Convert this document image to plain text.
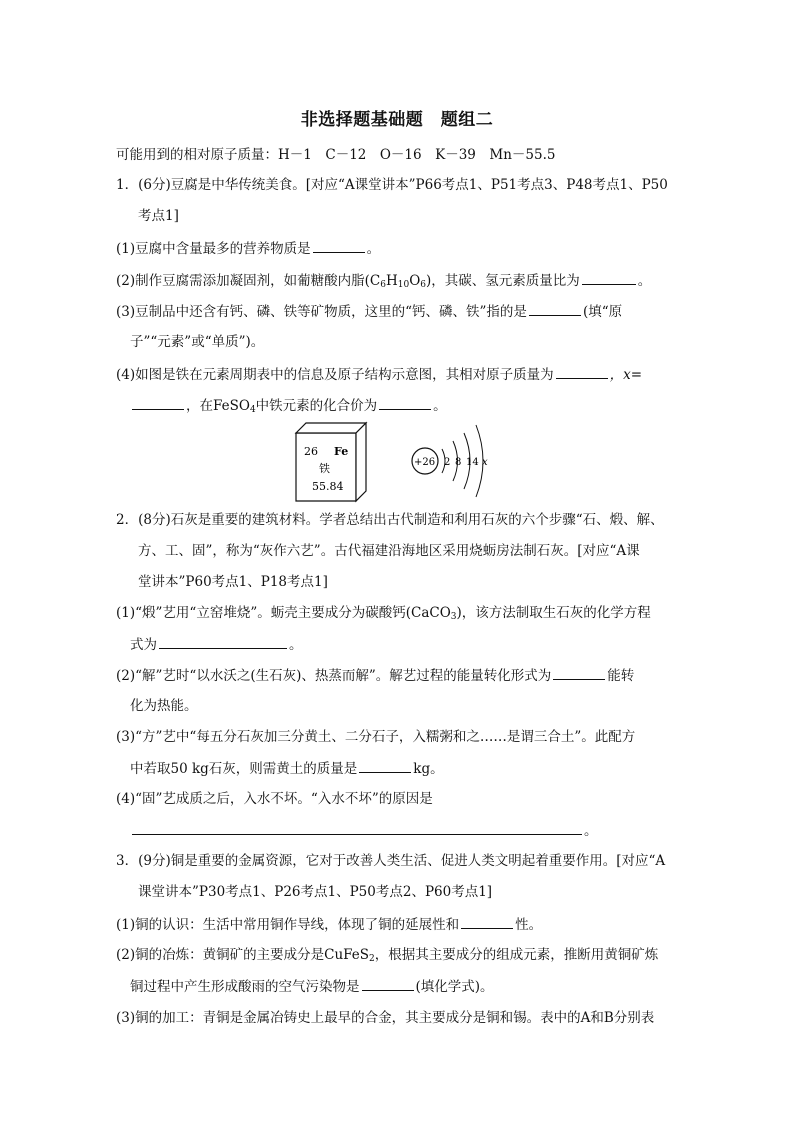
非选择题基础题　题组二
可能用到的相对原子质量：H－1　C－12　O－16　K－39　Mn－55.5
1．(6分)豆腐是中华传统美食。[对应“A课堂讲本”P66考点1、P51考点3、P48考点1、P50
考点1]
(1)豆腐中含量最多的营养物质是	。
(2)制作豆腐需添加凝固剂，如葡糖酸内脂$(C_6H_{10}O_6)$，其碳、氢元素质量比为	。
(3)豆制品中还含有钙、磷、铁等矿物质，这里的“钙、磷、铁”指的是	(填“原
子”“元素”或“单质”)。
(4)如图是铁在元素周期表中的信息及原子结构示意图，其相对原子质量为	，x=
，在FeSO$_4$中铁元素的化合价为	。
26 Fe
铁
55.84
+26 2 8 14 x
2．(8分)石灰是重要的建筑材料。学者总结出古代制造和利用石灰的六个步骤“石、煅、解、
方、工、固”，称为“灰作六艺”。古代福建沿海地区采用烧蛎房法制石灰。[对应“A课
堂讲本”P60考点1、P18考点1]
(1)“煅”艺用“立窑堆烧”。蛎壳主要成分为碳酸钙(CaCO$_3$)，该方法制取生石灰的化学方程
式为	。
(2)“解”艺时“以水沃之(生石灰)、热蒸而解”。解艺过程的能量转化形式为	能转
化为热能。
(3)“方”艺中“每五分石灰加三分黄土、二分石子，入糯粥和之……是谓三合土”。此配方
中若取50 kg石灰，则需黄土的质量是	kg。
(4)“固”艺成质之后，入水不坏。“入水不坏”的原因是
。
3．(9分)铜是重要的金属资源，它对于改善人类生活、促进人类文明起着重要作用。[对应“A
课堂讲本”P30考点1、P26考点1、P50考点2、P60考点1]
(1)铜的认识：生活中常用铜作导线，体现了铜的延展性和	性。
(2)铜的冶炼：黄铜矿的主要成分是CuFeS$_2$，根据其主要成分的组成元素，推断用黄铜矿炼
铜过程中产生形成酸雨的空气污染物是	(填化学式)。
(3)铜的加工：青铜是金属冶铸史上最早的合金，其主要成分是铜和锡。表中的A和B分别表
